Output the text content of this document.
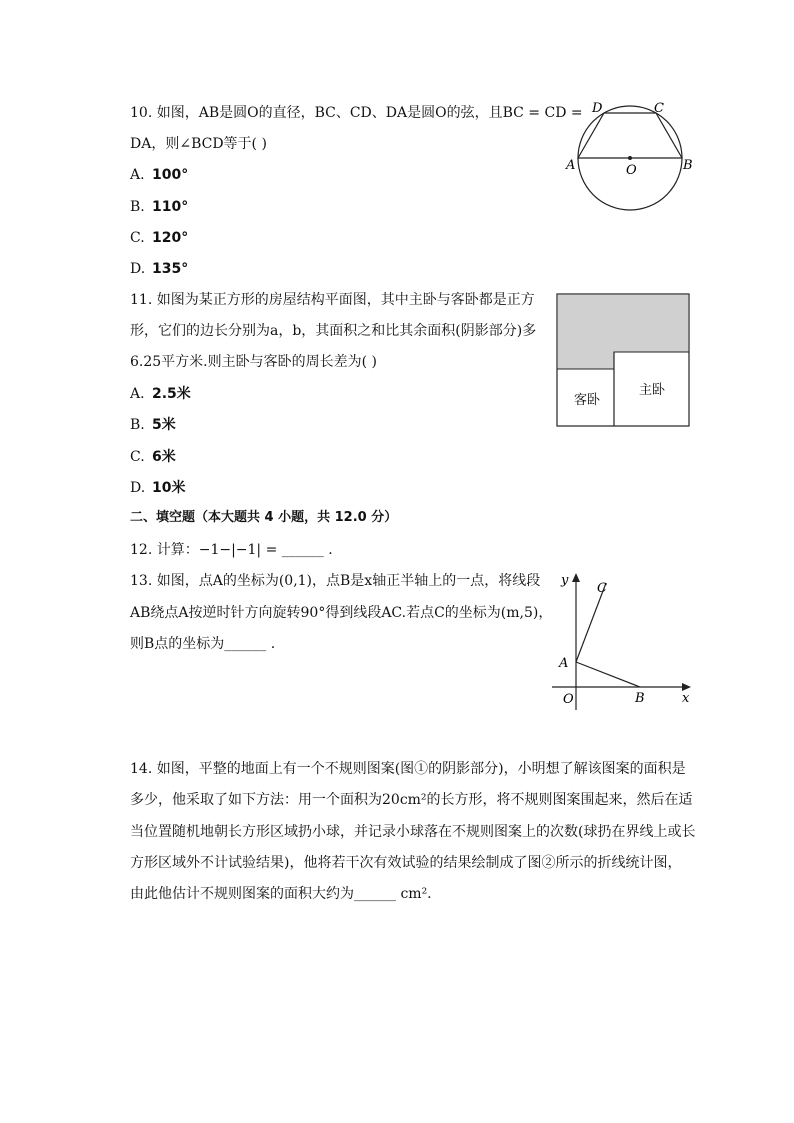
10. 如图，AB是圆O的直径，BC、CD、DA是圆O的弦，且BC = CD =
DA，则∠BCD等于( )
A. 100°
B. 110°
C. 120°
D. 135°
D	C
A	B
O
11. 如图为某正方形的房屋结构平面图，其中主卧与客卧都是正方
形，它们的边长分别为a，b，其面积之和比其余面积(阴影部分)多
6.25平方米.则主卧与客卧的周长差为( )
A. 2.5米
B. 5米
C. 6米
D. 10米
客卧
主卧
二、填空题（本大题共 4 小题，共 12.0 分）
12. 计算：−1−|−1| = ______ .
13. 如图，点A的坐标为(0,1)，点B是x轴正半轴上的一点，将线段
AB绕点A按逆时针方向旋转90°得到线段AC.若点C的坐标为(m,5)，
则B点的坐标为______ .
y
x
C
A
O	B
14. 如图，平整的地面上有一个不规则图案(图①的阴影部分)，小明想了解该图案的面积是
多少，他采取了如下方法：用一个面积为20cm²的长方形，将不规则图案围起来，然后在适
当位置随机地朝长方形区域扔小球，并记录小球落在不规则图案上的次数(球扔在界线上或长
方形区域外不计试验结果)，他将若干次有效试验的结果绘制成了图②所示的折线统计图，
由此他估计不规则图案的面积大约为______ cm².
